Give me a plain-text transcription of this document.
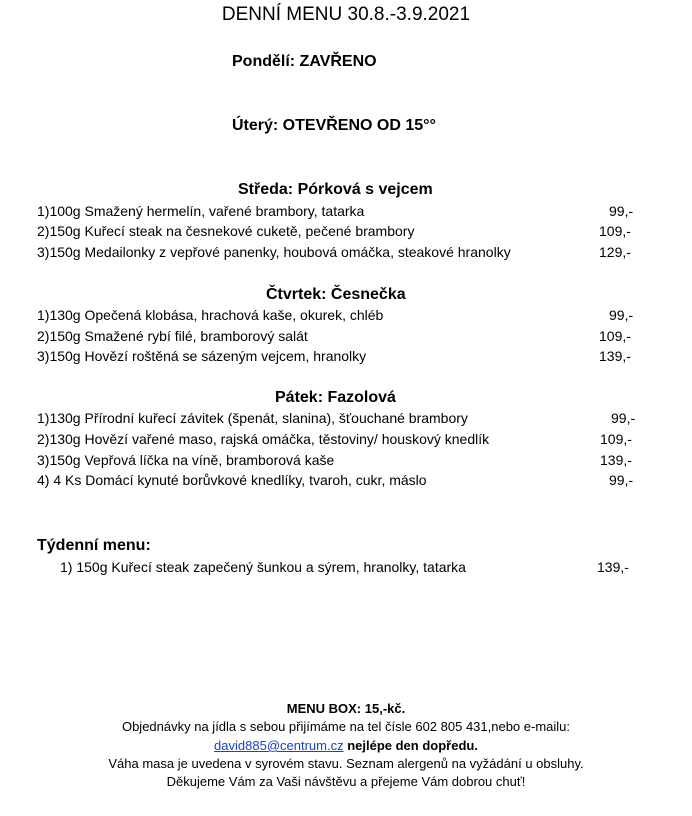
DENNÍ MENU 30.8.-3.9.2021
Pondělí: ZAVŘENO
Úterý: OTEVŘENO OD 15°°
Středa: Pórková s vejcem
1)100g Smažený hermelín, vařené brambory, tatarka	99,-
2)150g Kuřecí steak na česnekové cuketě, pečené brambory	109,-
3)150g Medailonky z vepřové panenky, houbová omáčka, steakové hranolky	129,-
Čtvrtek: Česnečka
1)130g Opečená klobása, hrachová kaše, okurek, chléb	99,-
2)150g Smažené rybí filé, bramborový salát	109,-
3)150g Hovězí roštěná se sázeným vejcem, hranolky	139,-
Pátek: Fazolová
1)130g Přírodní kuřecí závitek (špenát, slanina), šťouchané brambory	99,-
2)130g Hovězí vařené maso, rajská omáčka, těstoviny/ houskový knedlík	109,-
3)150g Vepřová líčka na víně, bramborová kaše	139,-
4) 4 Ks Domácí kynuté borůvkové knedlíky, tvaroh, cukr, máslo	99,-
Týdenní menu:
1) 150g Kuřecí steak zapečený šunkou a sýrem, hranolky, tatarka	139,-
MENU BOX: 15,-kč.
Objednávky na jídla s sebou přijímáme na tel čísle 602 805 431,nebo e-mailu:
david885@centrum.cz nejlépe den dopředu.
Váha masa je uvedena v syrovém stavu. Seznam alergenů na vyžádání u obsluhy.
Děkujeme Vám za Vaši návštěvu a přejeme Vám dobrou chuť!
